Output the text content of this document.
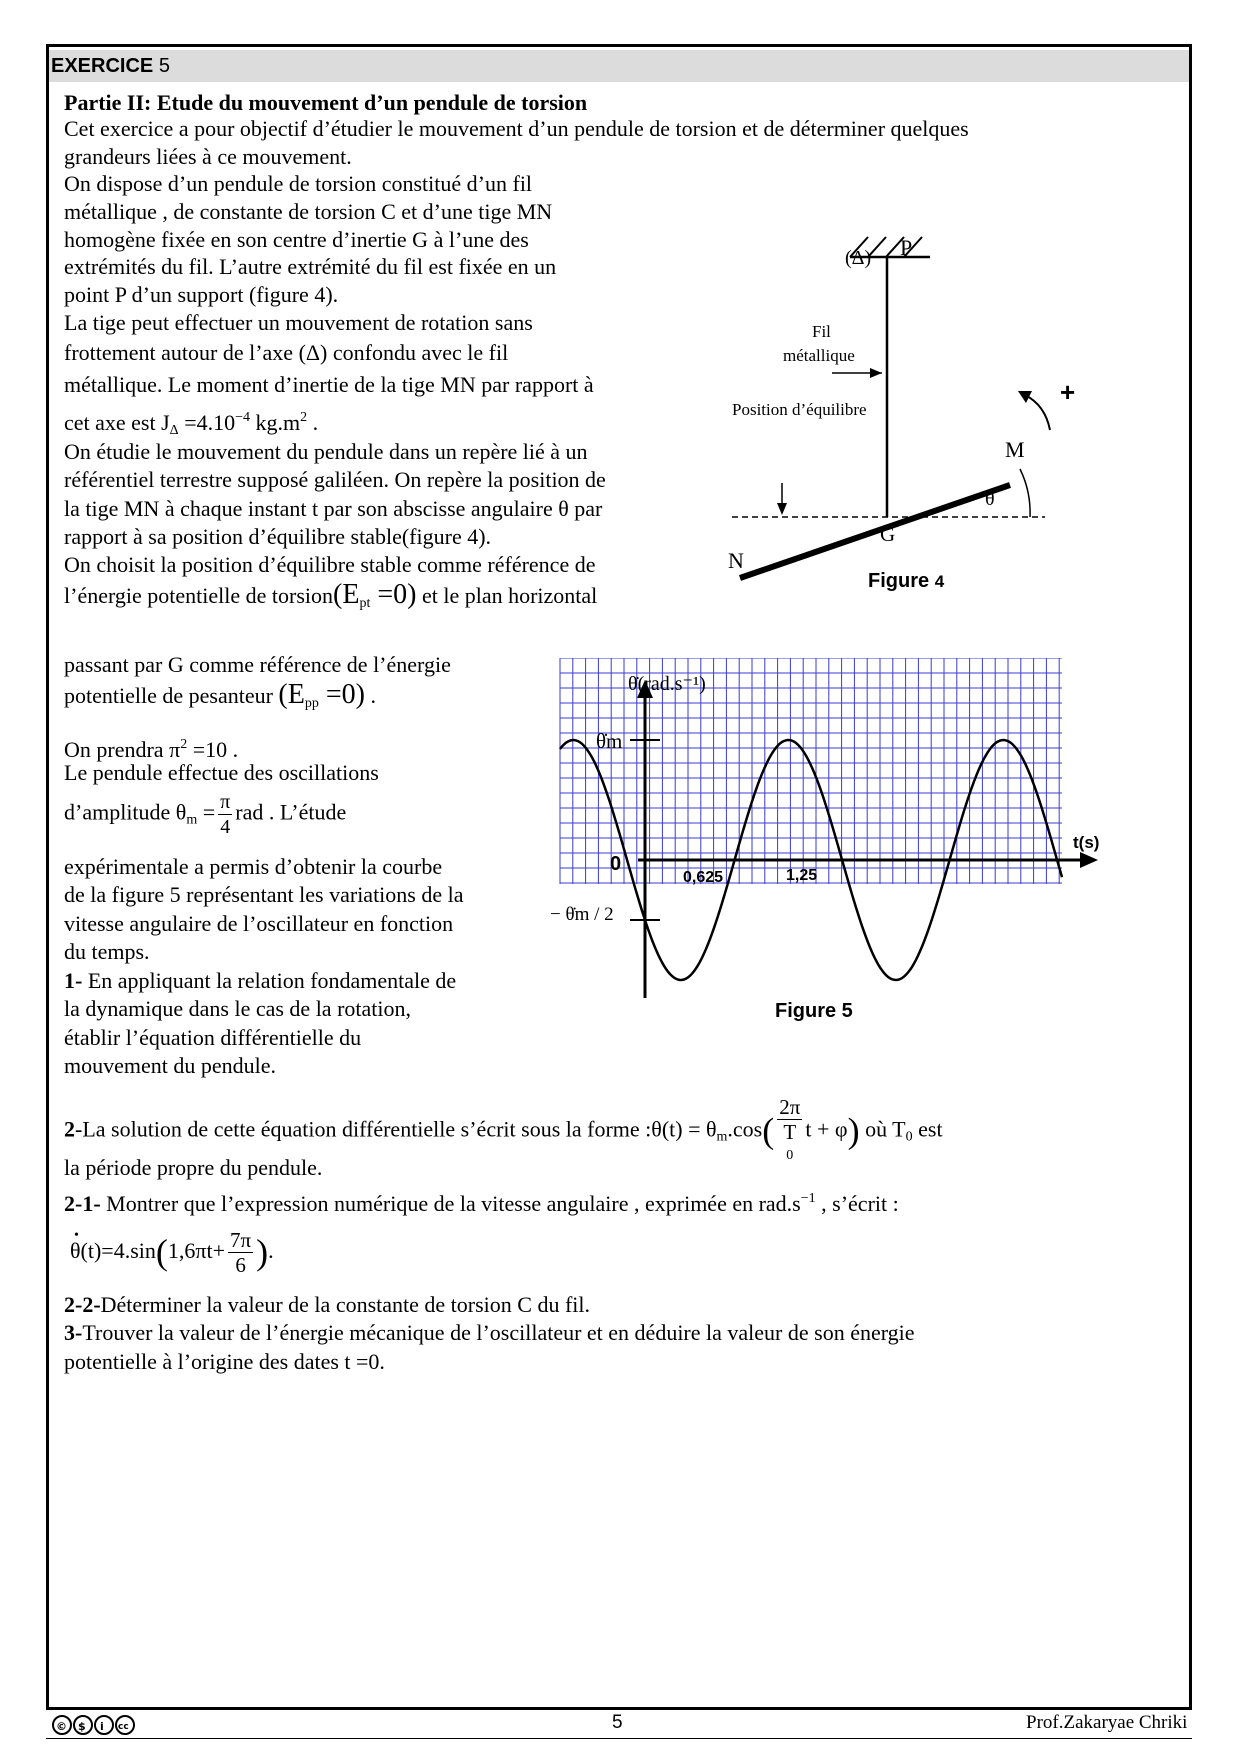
EXERCICE 5
Partie II: Etude du mouvement d’un pendule de torsion
Cet exercice a pour objectif d’étudier le mouvement d’un pendule de torsion et de déterminer quelques
grandeurs liées à ce mouvement.
On dispose d’un pendule de torsion constitué d’un fil
métallique , de constante de torsion C et d’une tige MN
homogène fixée en son centre d’inertie G à l’une des
extrémités du fil. L’autre extrémité du fil est fixée en un
point P d’un support (figure 4).
La tige peut effectuer un mouvement de rotation sans
frottement autour de l’axe (Δ) confondu avec le fil
métallique. Le moment d’inertie de la tige MN par rapport à
cet axe est $J_\Delta =4.10^{-4}$ $kg.m^2$ .
On étudie le mouvement du pendule dans un repère lié à un
référentiel terrestre supposé galiléen. On repère la position de
la tige MN à chaque instant t par son abscisse angulaire θ par
rapport à sa position d’équilibre stable(figure 4).
On choisit la position d’équilibre stable comme référence de
l’énergie potentielle de $torsion(E_{pt} =0)$ et le plan horizontal
passant par G comme référence de l’énergie
potentielle de pesanteur $(E_{pp} =0)$ .
On prendra $\pi^2 =10$ .
Le pendule effectue des oscillations
d’amplitude $\theta_m = \frac{\pi}{4}$ rad . L’étude
expérimentale a permis d’obtenir la courbe
de la figure 5 représentant les variations de la
vitesse angulaire de l’oscillateur en fonction
du temps.
1- En appliquant la relation fondamentale de
la dynamique dans le cas de la rotation,
établir l’équation différentielle du
mouvement du pendule.
2-La solution de cette équation différentielle s’écrit sous la forme :θ(t) = $\theta_m.\cos$( 2π
T
0 t + φ) où $T_0$ est
la période propre du pendule.
2-1- Montrer que l’expression numérique de la vitesse angulaire , exprimée en $rad.s^{-1}$ , s’écrit :
• $\theta(t)=4.\sin(1,6\pi t+ \frac{7\pi}{6}$ ).
2-2-Déterminer la valeur de la constante de torsion C du fil.
3-Trouver la valeur de l’énergie mécanique de l’oscillateur et en déduire la valeur de son énergie
potentielle à l’origine des dates t =0.
P
(Δ)
Fil
métallique
Position d’équilibre
M
N
G
θ
+
Figure 4
θ̇(rad.s⁻¹)
θ̇m
0
− θ̇m / 2
t(s)
0,625	1,25
Figure 5
© $ i cc	5	Prof.Zakaryae Chriki
